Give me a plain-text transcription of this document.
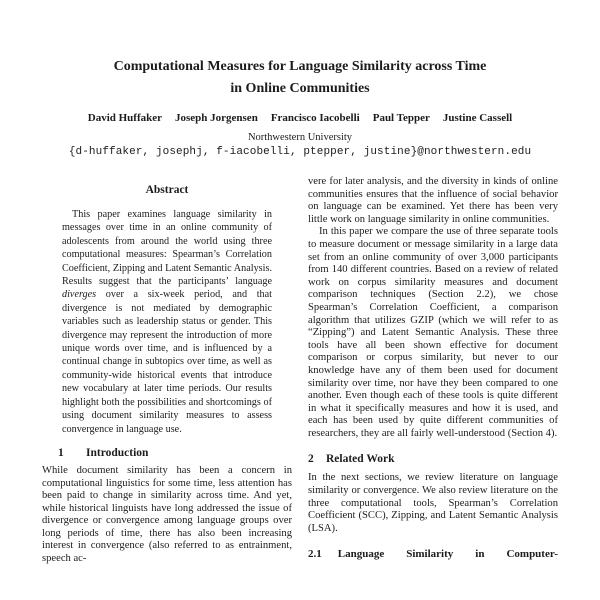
Computational Measures for Language Similarity across Time
in Online Communities
David Huffaker Joseph Jorgensen Francisco Iacobelli Paul Tepper Justine Cassell
Northwestern University
{d-huffaker, josephj, f-iacobelli, ptepper, justine}@northwestern.edu
Abstract

This paper examines language similarity in messages over time in an online community of adolescents from around the world using three computational measures: Spearman’s Correlation Coefficient, Zipping and Latent Semantic Analysis. Results suggest that the participants’ language diverges over a six-week period, and that divergence is not mediated by demographic variables such as leadership status or gender. This divergence may represent the introduction of more unique words over time, and is influenced by a continual change in subtopics over time, as well as community-wide historical events that introduce new vocabulary at later time periods. Our results highlight both the possibilities and shortcomings of using document similarity measures to assess convergence in language use.

1 Introduction

While document similarity has been a concern in computational linguistics for some time, less attention has been paid to change in similarity across time. And yet, while historical linguists have long addressed the issue of divergence or convergence among language groups over long periods of time, there has also been increasing interest in convergence (also referred to as entrainment, speech ac-

vere for later analysis, and the diversity in kinds of online communities ensures that the influence of social behavior on language can be examined. Yet there has been very little work on language similarity in online communities.

In this paper we compare the use of three separate tools to measure document or message similarity in a large data set from an online community of over 3,000 participants from 140 different countries. Based on a review of related work on corpus similarity measures and document comparison techniques (Section 2.2), we chose Spearman’s Correlation Coefficient, a comparison algorithm that utilizes GZIP (which we will refer to as “Zipping”) and Latent Semantic Analysis. These three tools have all been shown effective for document comparison or corpus similarity, but never to our knowledge have any of them been used for document similarity over time, nor have they been compared to one another. Even though each of these tools is quite different in what it specifically measures and how it is used, and each has been used by quite different communities of researchers, they are all fairly well-understood (Section 4).

2 Related Work

In the next sections, we review literature on language similarity or convergence. We also review literature on the three computational tools, Spearman’s Correlation Coefficient (SCC), Zipping, and Latent Semantic Analysis (LSA).

2.1 Language Similarity in Computer-
